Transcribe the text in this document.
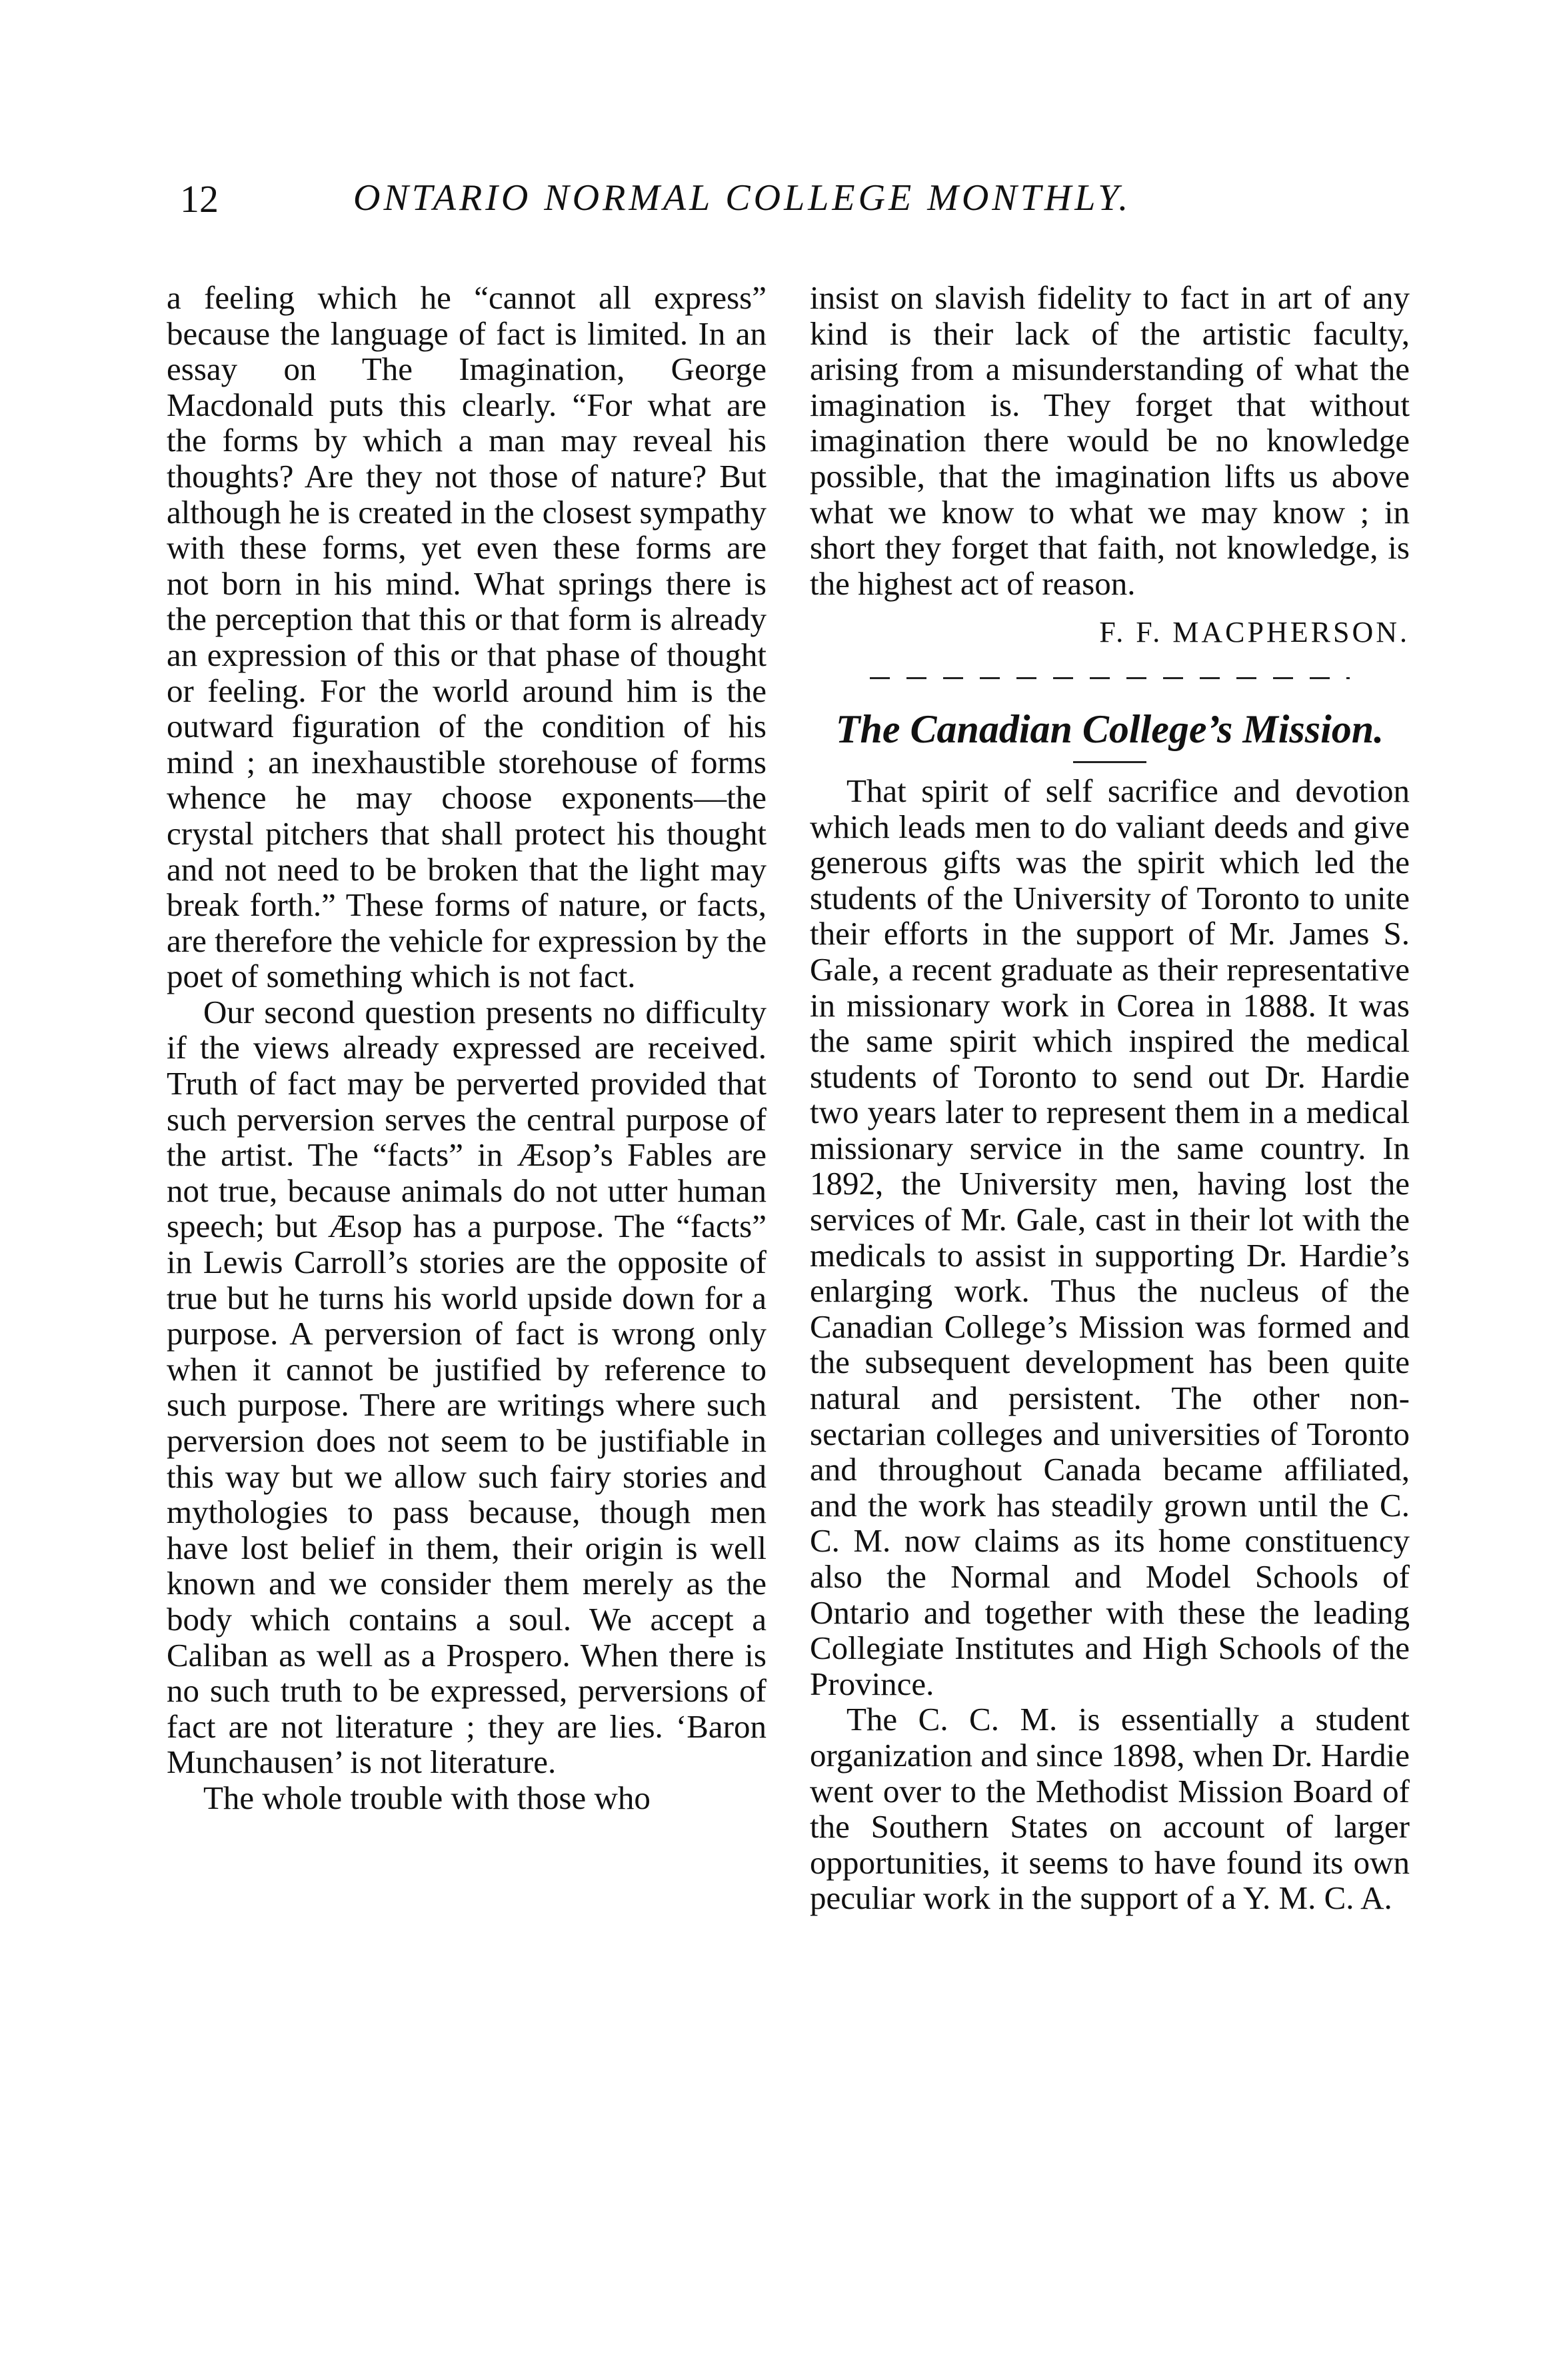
12	ONTARIO NORMAL COLLEGE MONTHLY.

a feeling which he “cannot all express” because the language of fact is limited. In an essay on The Imagination, George Macdonald puts this clearly. “For what are the forms by which a man may reveal his thoughts? Are they not those of nature? But although he is created in the closest sympathy with these forms, yet even these forms are not born in his mind. What springs there is the perception that this or that form is already an expression of this or that phase of thought or feeling. For the world around him is the outward figuration of the condition of his mind ; an inexhaustible storehouse of forms whence he may choose exponents—the crystal pitchers that shall protect his thought and not need to be broken that the light may break forth.” These forms of nature, or facts, are therefore the vehicle for expression by the poet of something which is not fact.

Our second question presents no difficulty if the views already expressed are received. Truth of fact may be perverted provided that such perversion serves the central purpose of the artist. The “facts” in Æsop’s Fables are not true, because animals do not utter human speech; but Æsop has a purpose. The “facts” in Lewis Carroll’s stories are the opposite of true but he turns his world upside down for a purpose. A perversion of fact is wrong only when it cannot be justified by reference to such purpose. There are writings where such perversion does not seem to be justifiable in this way but we allow such fairy stories and mythologies to pass because, though men have lost belief in them, their origin is well known and we consider them merely as the body which contains a soul. We accept a Caliban as well as a Prospero. When there is no such truth to be expressed, perversions of fact are not literature ; they are lies. ‘Baron Munchausen’ is not literature.

The whole trouble with those who

insist on slavish fidelity to fact in art of any kind is their lack of the artistic faculty, arising from a misunderstanding of what the imagination is. They forget that without imagination there would be no knowledge possible, that the imagination lifts us above what we know to what we may know ; in short they forget that faith, not knowledge, is the highest act of reason.

F. F. MACPHERSON.

The Canadian College’s Mission.

That spirit of self sacrifice and devotion which leads men to do valiant deeds and give generous gifts was the spirit which led the students of the University of Toronto to unite their efforts in the support of Mr. James S. Gale, a recent graduate as their representative in missionary work in Corea in 1888. It was the same spirit which inspired the medical students of Toronto to send out Dr. Hardie two years later to represent them in a medical missionary service in the same country. In 1892, the University men, having lost the services of Mr. Gale, cast in their lot with the medicals to assist in supporting Dr. Hardie’s enlarging work. Thus the nucleus of the Canadian College’s Mission was formed and the subsequent development has been quite natural and persistent. The other non-sectarian colleges and universities of Toronto and throughout Canada became affiliated, and the work has steadily grown until the C. C. M. now claims as its home constituency also the Normal and Model Schools of Ontario and together with these the leading Collegiate Institutes and High Schools of the Province.

The C. C. M. is essentially a student organization and since 1898, when Dr. Hardie went over to the Methodist Mission Board of the Southern States on account of larger opportunities, it seems to have found its own peculiar work in the support of a Y. M. C. A.
